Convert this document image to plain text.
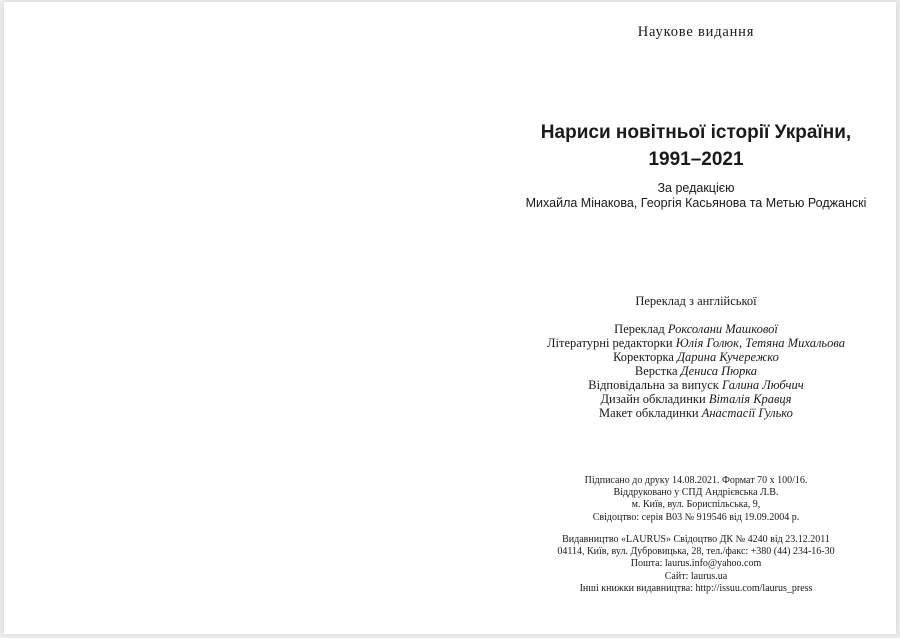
Наукове видання
Нариси новітньої історії України,
1991–2021
За редакцією
Михайла Мінакова, Георгія Касьянова та Метью Роджанскі
Переклад з англійської
Переклад Роксолани Машкової
Літературні редакторки Юлія Голюк, Тетяна Михальова
Коректорка Дарина Кучережко
Верстка Дениса Пюрка
Відповідальна за випуск Галина Любчич
Дизайн обкладинки Віталія Кравця
Макет обкладинки Анастасії Гулько
Підписано до друку 14.08.2021. Формат 70 х 100/16.
Віддруковано у СПД Андрієвська Л.В.
м. Київ, вул. Бориспільська, 9,
Свідоцтво: серія В03 № 919546 від 19.09.2004 р.
Видавництво «LAURUS» Свідоцтво ДК № 4240 від 23.12.2011
04114, Київ, вул. Дубровицька, 28, тел./факс: +380 (44) 234-16-30
Пошта: laurus.info@yahoo.com
Сайт: laurus.ua
Інші книжки видавництва: http://issuu.com/laurus_press
